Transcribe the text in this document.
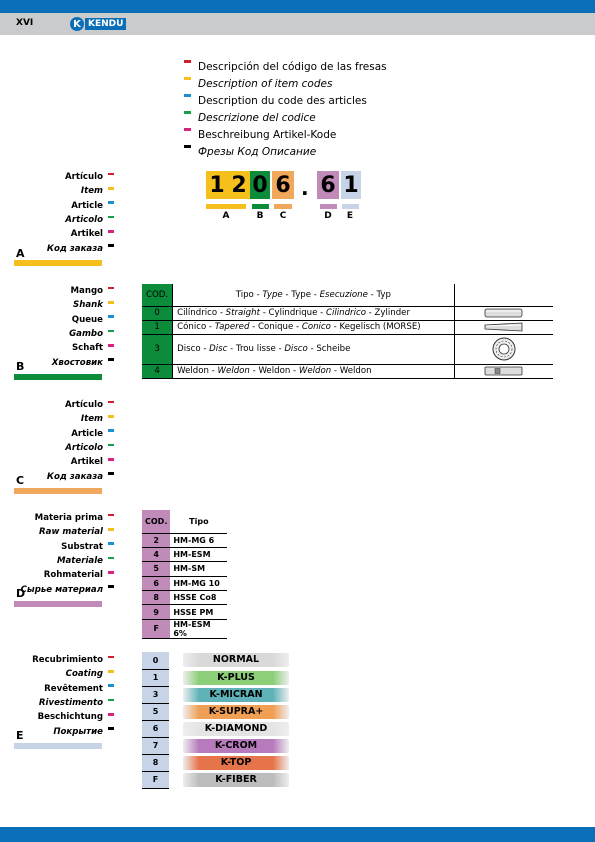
XVI	K KENDU
Descripción del código de las fresas
Description of item codes
Description du code des articles
Descrizione del codice
Beschreibung Artikel-Kode
Фрезы Код Описание
1 2 0 6 . 6 1
A	B	C	D	E
Artículo
Item
Article
Articolo
Artikel
Код заказа
A
Mango
Shank
Queue
Gambo
Schaft
Хвостовик
B
Artículo
Item
Article
Articolo
Artikel
Код заказа
C
Materia prima
Raw material
Substrat
Materiale
Rohmaterial
Сырье материал
D
Recubrimiento
Coating
Revêtement
Rivestimento
Beschichtung
Покрытие
E
COD.	Tipo - Type - Type - Esecuzione - Typ	
0	Cilíndrico - Straight - Cylindrique - Cilindrico - Zylinder	

1	Cónico - Tapered - Conique - Conico - Kegelisch (MORSE)	

3	Disco - Disc - Trou lisse - Disco - Scheibe	

4	Weldon - Weldon - Weldon - Weldon - Weldon	
COD.	Tipo
2	HM-MG 6
4	HM-ESM
5	HM-SM
6	HM-MG 10
8	HSSE Co8
9	HSSE PM
F	HM-ESM 6%
0		NORMAL

1		K-PLUS

3		K-MICRAN

5		K-SUPRA+

6		K-DIAMOND

7		K-CROM

8		K-TOP

F		K-FIBER
